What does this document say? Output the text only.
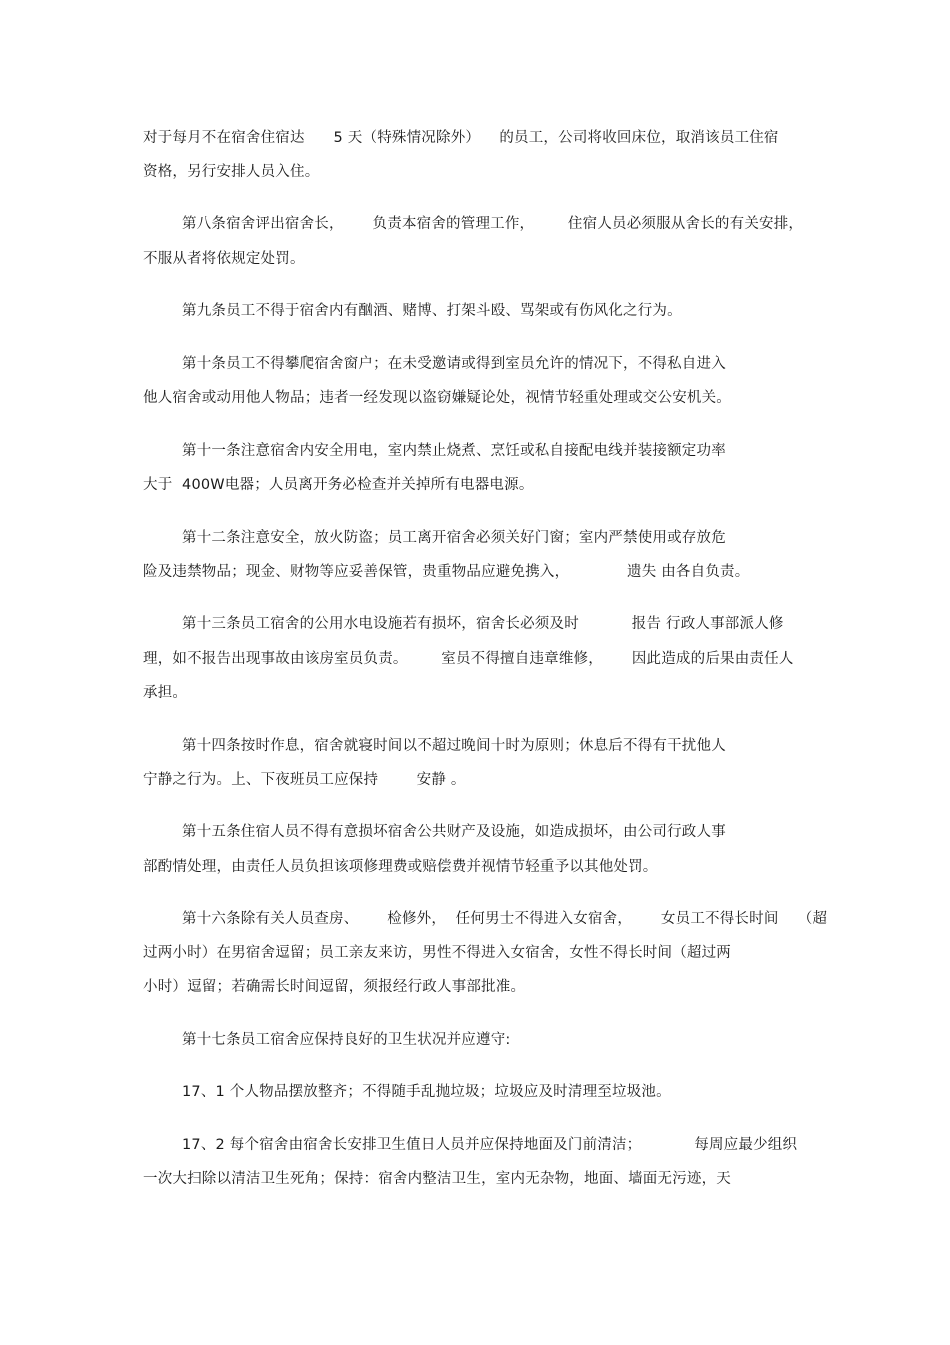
对于每月不在宿舍住宿达      5 天（特殊情况除外）    的员工，公司将收回床位，取消该员工住宿
资格，另行安排人员入住。
第八条宿舍评出宿舍长，      负责本宿舍的管理工作，       住宿人员必须服从舍长的有关安排，
不服从者将依规定处罚。
第九条员工不得于宿舍内有酗酒、赌博、打架斗殴、骂架或有伤风化之行为。
第十条员工不得攀爬宿舍窗户；在未受邀请或得到室员允许的情况下，不得私自进入
他人宿舍或动用他人物品；违者一经发现以盗窃嫌疑论处，视情节轻重处理或交公安机关。
第十一条注意宿舍内安全用电，室内禁止烧煮、烹饪或私自接配电线并装接额定功率
大于  400W电器；人员离开务必检查并关掉所有电器电源。
第十二条注意安全，放火防盗；员工离开宿舍必须关好门窗；室内严禁使用或存放危
险及违禁物品；现金、财物等应妥善保管，贵重物品应避免携入，            遗失 由各自负责。
第十三条员工宿舍的公用水电设施若有损坏，宿舍长必须及时           报告 行政人事部派人修
理，如不报告出现事故由该房室员负责。       室员不得擅自违章维修，      因此造成的后果由责任人
承担。
第十四条按时作息，宿舍就寝时间以不超过晚间十时为原则；休息后不得有干扰他人
宁静之行为。上、下夜班员工应保持        安静 。
第十五条住宿人员不得有意损坏宿舍公共财产及设施，如造成损坏，由公司行政人事
部酌情处理，由责任人员负担该项修理费或赔偿费并视情节轻重予以其他处罚。
第十六条除有关人员查房、      检修外，  任何男士不得进入女宿舍，      女员工不得长时间    （超
过两小时）在男宿舍逗留；员工亲友来访，男性不得进入女宿舍，女性不得长时间（超过两
小时）逗留；若确需长时间逗留，须报经行政人事部批准。
第十七条员工宿舍应保持良好的卫生状况并应遵守:
17、1 个人物品摆放整齐；不得随手乱抛垃圾；垃圾应及时清理至垃圾池。
17、2 每个宿舍由宿舍长安排卫生值日人员并应保持地面及门前清洁；           每周应最少组织
一次大扫除以清洁卫生死角；保持：宿舍内整洁卫生，室内无杂物，地面、墙面无污迹，天
